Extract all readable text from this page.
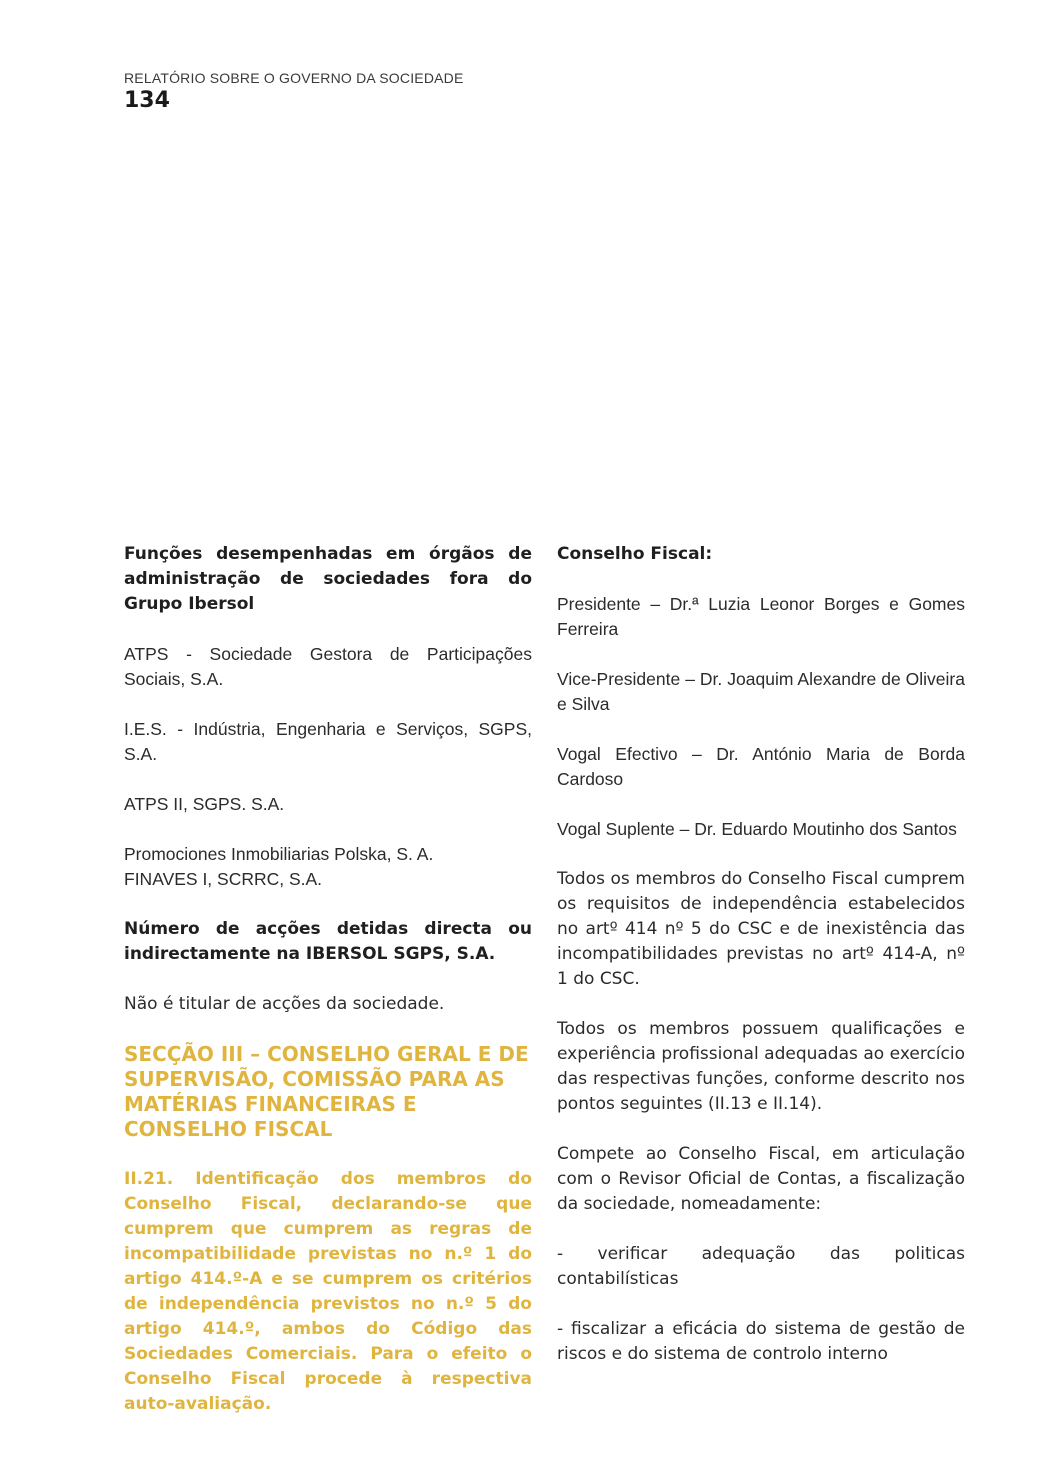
RELATÓRIO SOBRE O GOVERNO DA SOCIEDADE
134

Funções desempenhadas em órgãos de administração de sociedades fora do Grupo Ibersol

ATPS - Sociedade Gestora de Participações Sociais, S.A.

I.E.S. - Indústria, Engenharia e Serviços, SGPS, S.A.

ATPS II, SGPS. S.A.

Promociones Inmobiliarias Polska, S. A.

FINAVES I, SCRRC, S.A.

Número de acções detidas directa ou indirectamente na IBERSOL SGPS, S.A.

Não é titular de acções da sociedade.

SECÇÃO III – CONSELHO GERAL E DE SUPERVISÃO, COMISSÃO PARA AS MATÉRIAS FINANCEIRAS E CONSELHO FISCAL

II.21. Identificação dos membros do Conselho Fiscal, declarando-se que cumprem que cumprem as regras de incompatibilidade previstas no n.º 1 do artigo 414.º-A e se cumprem os critérios de independência previstos no n.º 5 do artigo 414.º, ambos do Código das Sociedades Comerciais. Para o efeito o Conselho Fiscal procede à respectiva auto-avaliação.

Conselho Fiscal:

Presidente – Dr.ª Luzia Leonor Borges e Gomes Ferreira

Vice-Presidente – Dr. Joaquim Alexandre de Oliveira e Silva

Vogal Efectivo – Dr. António Maria de Borda Cardoso

Vogal Suplente – Dr. Eduardo Moutinho dos Santos

Todos os membros do Conselho Fiscal cumprem os requisitos de independência estabelecidos no artº 414 nº 5 do CSC e de inexistência das incompatibilidades previstas no artº 414-A, nº 1 do CSC.

Todos os membros possuem qualificações e experiência profissional adequadas ao exercício das respectivas funções, conforme descrito nos pontos seguintes (II.13 e II.14).

Compete ao Conselho Fiscal, em articulação com o Revisor Oficial de Contas, a fiscalização da sociedade, nomeadamente:

- verificar adequação das politicas contabilísticas

- fiscalizar a eficácia do sistema de gestão de riscos e do sistema de controlo interno
